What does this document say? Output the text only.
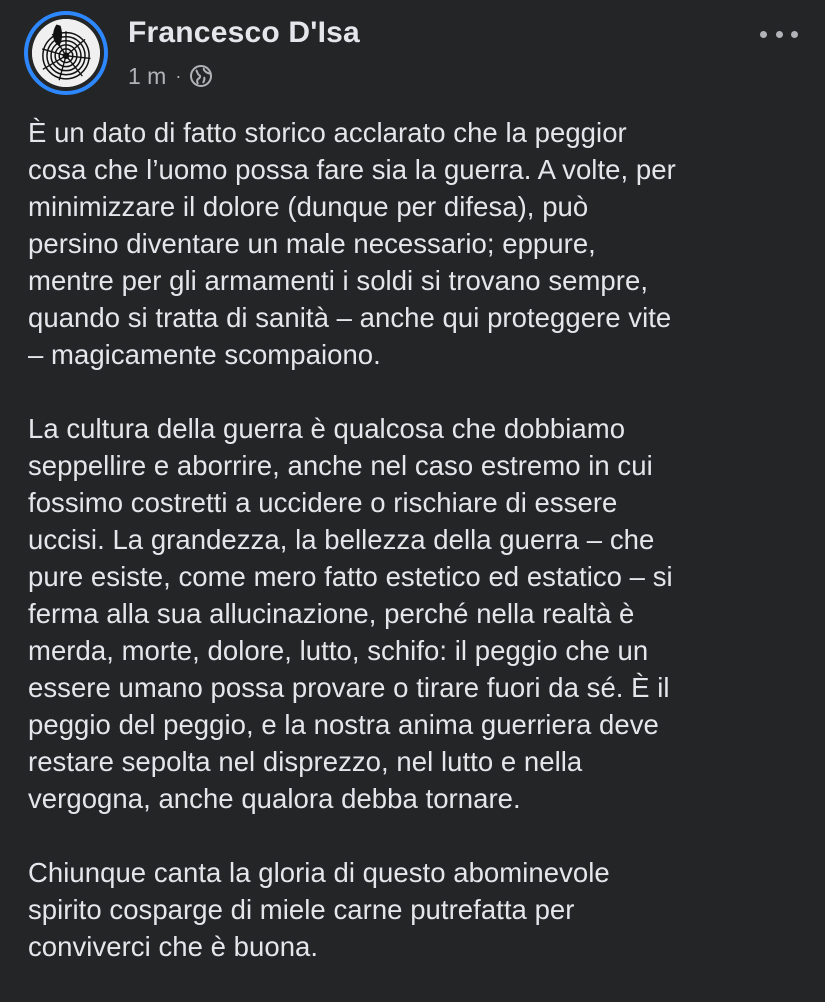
Francesco D'Isa
1 m ·

È un dato di fatto storico acclarato che la peggior
cosa che l’uomo possa fare sia la guerra. A volte, per
minimizzare il dolore (dunque per difesa), può
persino diventare un male necessario; eppure,
mentre per gli armamenti i soldi si trovano sempre,
quando si tratta di sanità – anche qui proteggere vite
– magicamente scompaiono.

La cultura della guerra è qualcosa che dobbiamo
seppellire e aborrire, anche nel caso estremo in cui
fossimo costretti a uccidere o rischiare di essere
uccisi. La grandezza, la bellezza della guerra – che
pure esiste, come mero fatto estetico ed estatico – si
ferma alla sua allucinazione, perché nella realtà è
merda, morte, dolore, lutto, schifo: il peggio che un
essere umano possa provare o tirare fuori da sé. È il
peggio del peggio, e la nostra anima guerriera deve
restare sepolta nel disprezzo, nel lutto e nella
vergogna, anche qualora debba tornare.

Chiunque canta la gloria di questo abominevole
spirito cosparge di miele carne putrefatta per
conviverci che è buona.
